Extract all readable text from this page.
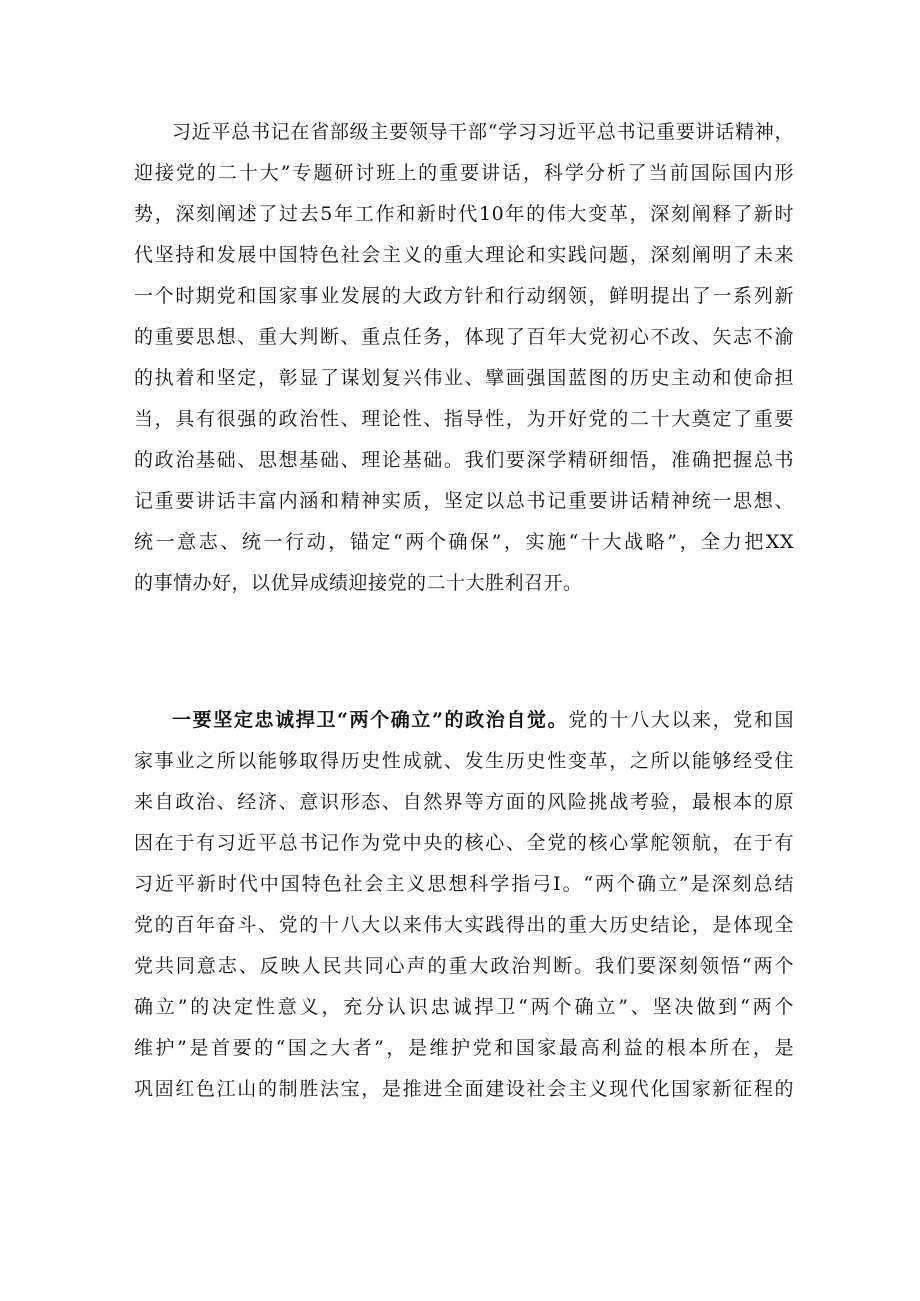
习近平总书记在省部级主要领导干部“学习习近平总书记重要讲话精神，
迎接党的二十大”专题研讨班上的重要讲话，科学分析了当前国际国内形
势，深刻阐述了过去5年工作和新时代10年的伟大变革，深刻阐释了新时
代坚持和发展中国特色社会主义的重大理论和实践问题，深刻阐明了未来
一个时期党和国家事业发展的大政方针和行动纲领，鲜明提出了一系列新
的重要思想、重大判断、重点任务，体现了百年大党初心不改、矢志不渝
的执着和坚定，彰显了谋划复兴伟业、擘画强国蓝图的历史主动和使命担
当，具有很强的政治性、理论性、指导性，为开好党的二十大奠定了重要
的政治基础、思想基础、理论基础。我们要深学精研细悟，准确把握总书
记重要讲话丰富内涵和精神实质，坚定以总书记重要讲话精神统一思想、
统一意志、统一行动，锚定“两个确保”，实施“十大战略”，全力把XX
的事情办好，以优异成绩迎接党的二十大胜利召开。
一要坚定忠诚捍卫“两个确立”的政治自觉。党的十八大以来，党和国
家事业之所以能够取得历史性成就、发生历史性变革，之所以能够经受住
来自政治、经济、意识形态、自然界等方面的风险挑战考验，最根本的原
因在于有习近平总书记作为党中央的核心、全党的核心掌舵领航，在于有
习近平新时代中国特色社会主义思想科学指弓I。“两个确立”是深刻总结
党的百年奋斗、党的十八大以来伟大实践得出的重大历史结论，是体现全
党共同意志、反映人民共同心声的重大政治判断。我们要深刻领悟“两个
确立”的决定性意义，充分认识忠诚捍卫“两个确立”、坚决做到“两个
维护”是首要的“国之大者”，是维护党和国家最高利益的根本所在，是
巩固红色江山的制胜法宝，是推进全面建设社会主义现代化国家新征程的
